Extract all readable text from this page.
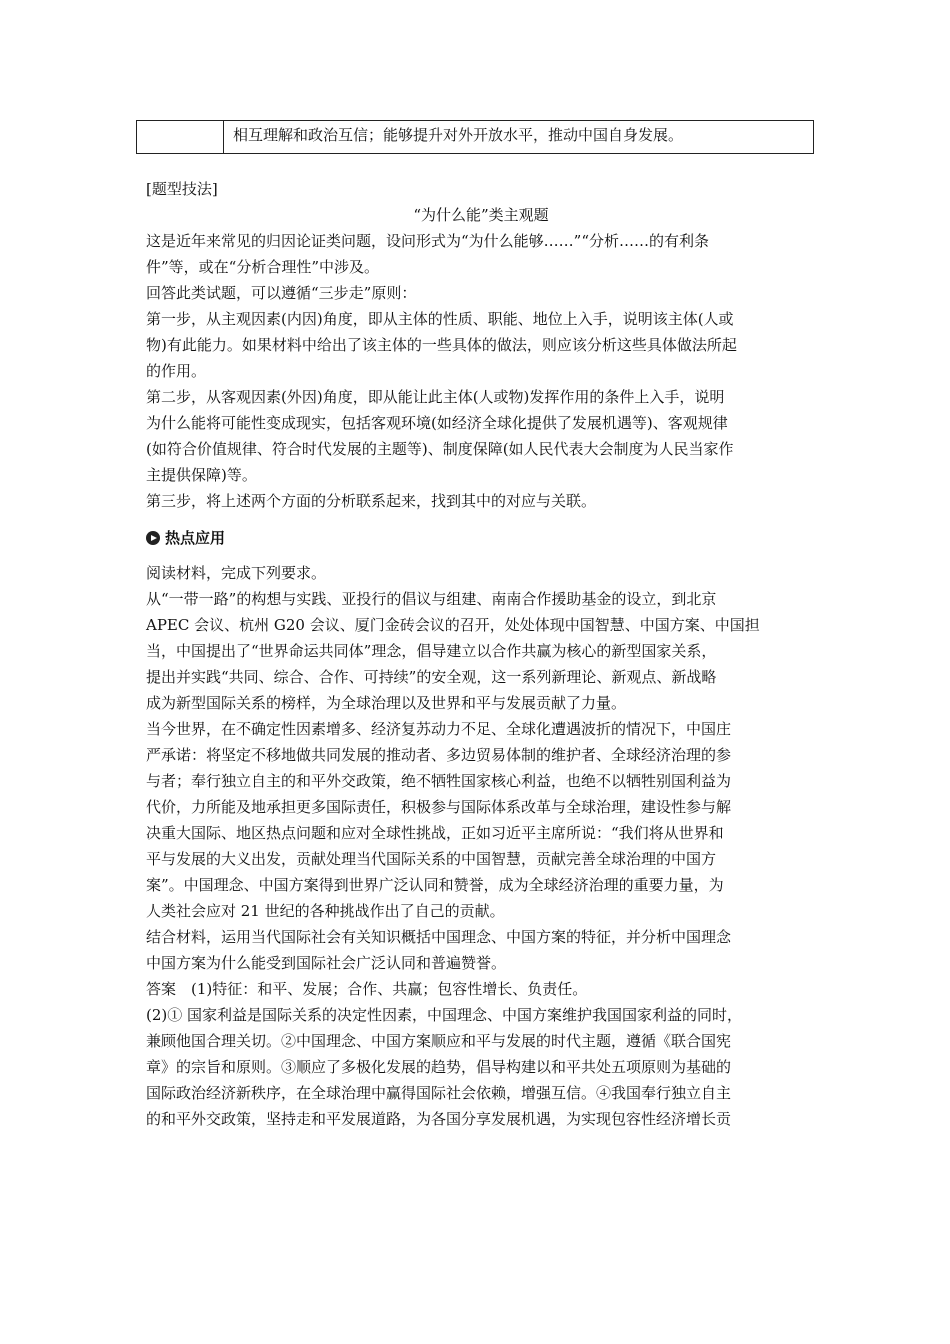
相互理解和政治互信；能够提升对外开放水平，推动中国自身发展。
[题型技法]
“为什么能”类主观题
这是近年来常见的归因论证类问题，设问形式为“为什么能够……”“分析……的有利条
件”等，或在“分析合理性”中涉及。
回答此类试题，可以遵循“三步走”原则：
第一步，从主观因素(内因)角度，即从主体的性质、职能、地位上入手，说明该主体(人或
物)有此能力。如果材料中给出了该主体的一些具体的做法，则应该分析这些具体做法所起
的作用。
第二步，从客观因素(外因)角度，即从能让此主体(人或物)发挥作用的条件上入手，说明
为什么能将可能性变成现实，包括客观环境(如经济全球化提供了发展机遇等)、客观规律
(如符合价值规律、符合时代发展的主题等)、制度保障(如人民代表大会制度为人民当家作
主提供保障)等。
第三步，将上述两个方面的分析联系起来，找到其中的对应与关联。
热点应用
阅读材料，完成下列要求。
从“一带一路”的构想与实践、亚投行的倡议与组建、南南合作援助基金的设立，到北京
APEC 会议、杭州 G20 会议、厦门金砖会议的召开，处处体现中国智慧、中国方案、中国担
当，中国提出了“世界命运共同体”理念，倡导建立以合作共赢为核心的新型国家关系，
提出并实践“共同、综合、合作、可持续”的安全观，这一系列新理论、新观点、新战略
成为新型国际关系的榜样，为全球治理以及世界和平与发展贡献了力量。
当今世界，在不确定性因素增多、经济复苏动力不足、全球化遭遇波折的情况下，中国庄
严承诺：将坚定不移地做共同发展的推动者、多边贸易体制的维护者、全球经济治理的参
与者；奉行独立自主的和平外交政策，绝不牺牲国家核心利益，也绝不以牺牲别国利益为
代价，力所能及地承担更多国际责任，积极参与国际体系改革与全球治理，建设性参与解
决重大国际、地区热点问题和应对全球性挑战，正如习近平主席所说：“我们将从世界和
平与发展的大义出发，贡献处理当代国际关系的中国智慧，贡献完善全球治理的中国方
案”。中国理念、中国方案得到世界广泛认同和赞誉，成为全球经济治理的重要力量，为
人类社会应对 21 世纪的各种挑战作出了自己的贡献。
结合材料，运用当代国际社会有关知识概括中国理念、中国方案的特征，并分析中国理念
中国方案为什么能受到国际社会广泛认同和普遍赞誉。
答案　(1)特征：和平、发展；合作、共赢；包容性增长、负责任。
(2)① 国家利益是国际关系的决定性因素，中国理念、中国方案维护我国国家利益的同时，
兼顾他国合理关切。②中国理念、中国方案顺应和平与发展的时代主题，遵循《联合国宪
章》的宗旨和原则。③顺应了多极化发展的趋势，倡导构建以和平共处五项原则为基础的
国际政治经济新秩序，在全球治理中赢得国际社会依赖，增强互信。④我国奉行独立自主
的和平外交政策，坚持走和平发展道路，为各国分享发展机遇，为实现包容性经济增长贡
